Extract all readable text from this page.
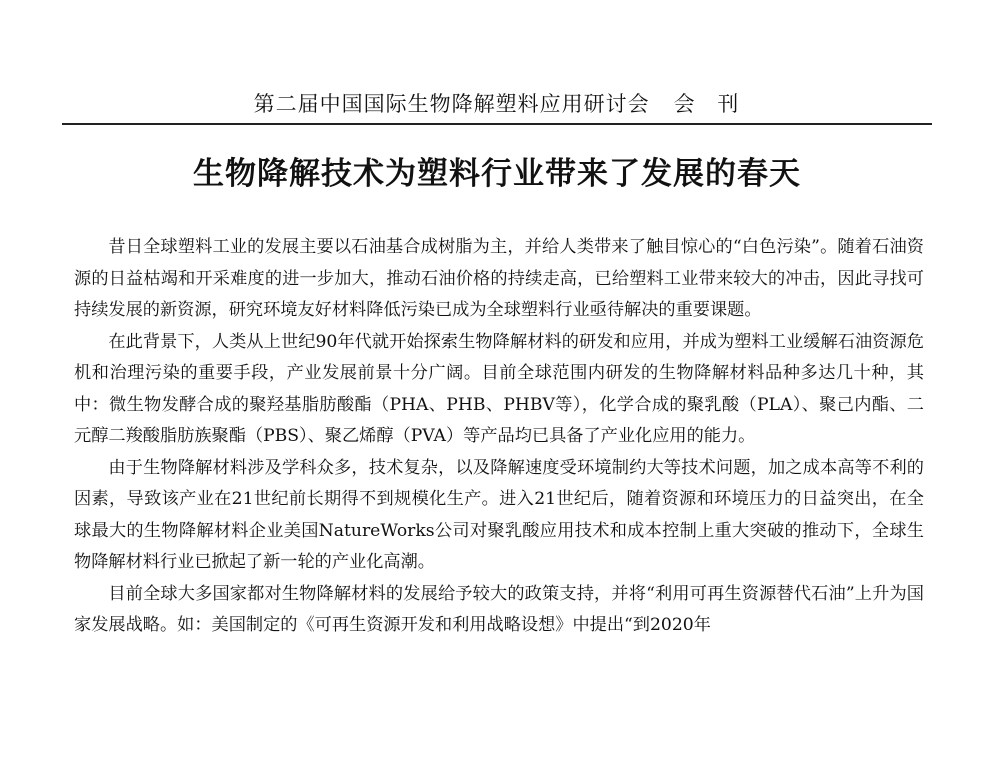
第二届中国国际生物降解塑料应用研讨会 会 刊
生物降解技术为塑料行业带来了发展的春天

昔日全球塑料工业的发展主要以石油基合成树脂为主，并给人类带来了触目惊心的“白色污染”。随着石油资源的日益枯竭和开采难度的进一步加大，推动石油价格的持续走高，已给塑料工业带来较大的冲击，因此寻找可持续发展的新资源，研究环境友好材料降低污染已成为全球塑料行业亟待解决的重要课题。

在此背景下，人类从上世纪90年代就开始探索生物降解材料的研发和应用，并成为塑料工业缓解石油资源危机和治理污染的重要手段，产业发展前景十分广阔。目前全球范围内研发的生物降解材料品种多达几十种，其中：微生物发酵合成的聚羟基脂肪酸酯（PHA、PHB、PHBV等），化学合成的聚乳酸（PLA）、聚己内酯、二元醇二羧酸脂肪族聚酯（PBS）、聚乙烯醇（PVA）等产品均已具备了产业化应用的能力。

由于生物降解材料涉及学科众多，技术复杂，以及降解速度受环境制约大等技术问题，加之成本高等不利的因素，导致该产业在21世纪前长期得不到规模化生产。进入21世纪后，随着资源和环境压力的日益突出，在全球最大的生物降解材料企业美国NatureWorks公司对聚乳酸应用技术和成本控制上重大突破的推动下，全球生物降解材料行业已掀起了新一轮的产业化高潮。

目前全球大多国家都对生物降解材料的发展给予较大的政策支持，并将“利用可再生资源替代石油”上升为国家发展战略。如：美国制定的《可再生资源开发和利用战略设想》中提出“到2020年
